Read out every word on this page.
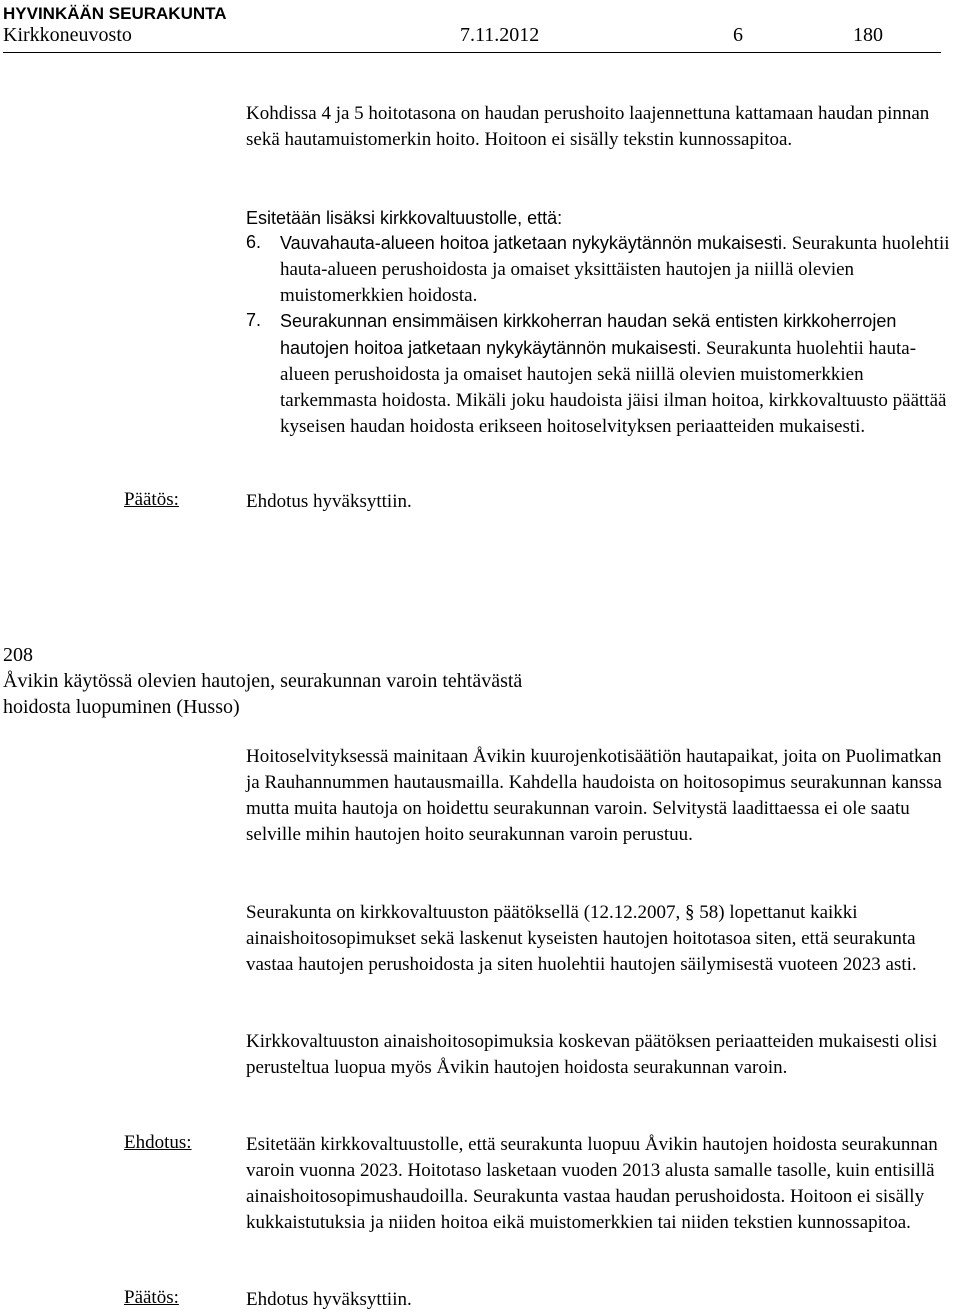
HYVINKÄÄN SEURAKUNTA
Kirkkoneuvosto	7.11.2012	6	180

Kohdissa 4 ja 5 hoitotasona on haudan perushoito laajennettuna kattamaan haudan pinnan sekä hautamuistomerkin hoito. Hoitoon ei sisälly tekstin kunnossapitoa.

Esitetään lisäksi kirkkovaltuustolle, että:
6. Vauvahauta-alueen hoitoa jatketaan nykykäytännön mukaisesti. Seurakunta huolehtii hauta-alueen perushoidosta ja omaiset yksittäisten hautojen ja niillä olevien muistomerkkien hoidosta.

7. Seurakunnan ensimmäisen kirkkoherran haudan sekä entisten kirkkoherrojen hautojen hoitoa jatketaan nykykäytännön mukaisesti. Seurakunta huolehtii hauta-alueen perushoidosta ja omaiset hautojen sekä niillä olevien muistomerkkien tarkemmasta hoidosta. Mikäli joku haudoista jäisi ilman hoitoa, kirkkovaltuusto päättää kyseisen haudan hoidosta erikseen hoitoselvityksen periaatteiden mukaisesti.

Päätös:	Ehdotus hyväksyttiin.
208
Åvikin käytössä olevien hautojen, seurakunnan varoin tehtävästä
hoidosta luopuminen (Husso)

Hoitoselvityksessä mainitaan Åvikin kuurojenkotisäätiön hautapaikat, joita on Puolimatkan ja Rauhannummen hautausmailla. Kahdella haudoista on hoitosopimus seurakunnan kanssa mutta muita hautoja on hoidettu seurakunnan varoin. Selvitystä laadittaessa ei ole saatu selville mihin hautojen hoito seurakunnan varoin perustuu.

Seurakunta on kirkkovaltuuston päätöksellä (12.12.2007, § 58) lopettanut kaikki ainaishoitosopimukset sekä laskenut kyseisten hautojen hoitotasoa siten, että seurakunta vastaa hautojen perushoidosta ja siten huolehtii hautojen säilymisestä vuoteen 2023 asti.

Kirkkovaltuuston ainaishoitosopimuksia koskevan päätöksen periaatteiden mukaisesti olisi perusteltua luopua myös Åvikin hautojen hoidosta seurakunnan varoin.

Ehdotus:	Esitetään kirkkovaltuustolle, että seurakunta luopuu Åvikin hautojen hoidosta seurakunnan varoin vuonna 2023. Hoitotaso lasketaan vuoden 2013 alusta samalle tasolle, kuin entisillä ainaishoitosopimushaudoilla. Seurakunta vastaa haudan perushoidosta. Hoitoon ei sisälly kukkaistutuksia ja niiden hoitoa eikä muistomerkkien tai niiden tekstien kunnossapitoa.

Päätös:	Ehdotus hyväksyttiin.
